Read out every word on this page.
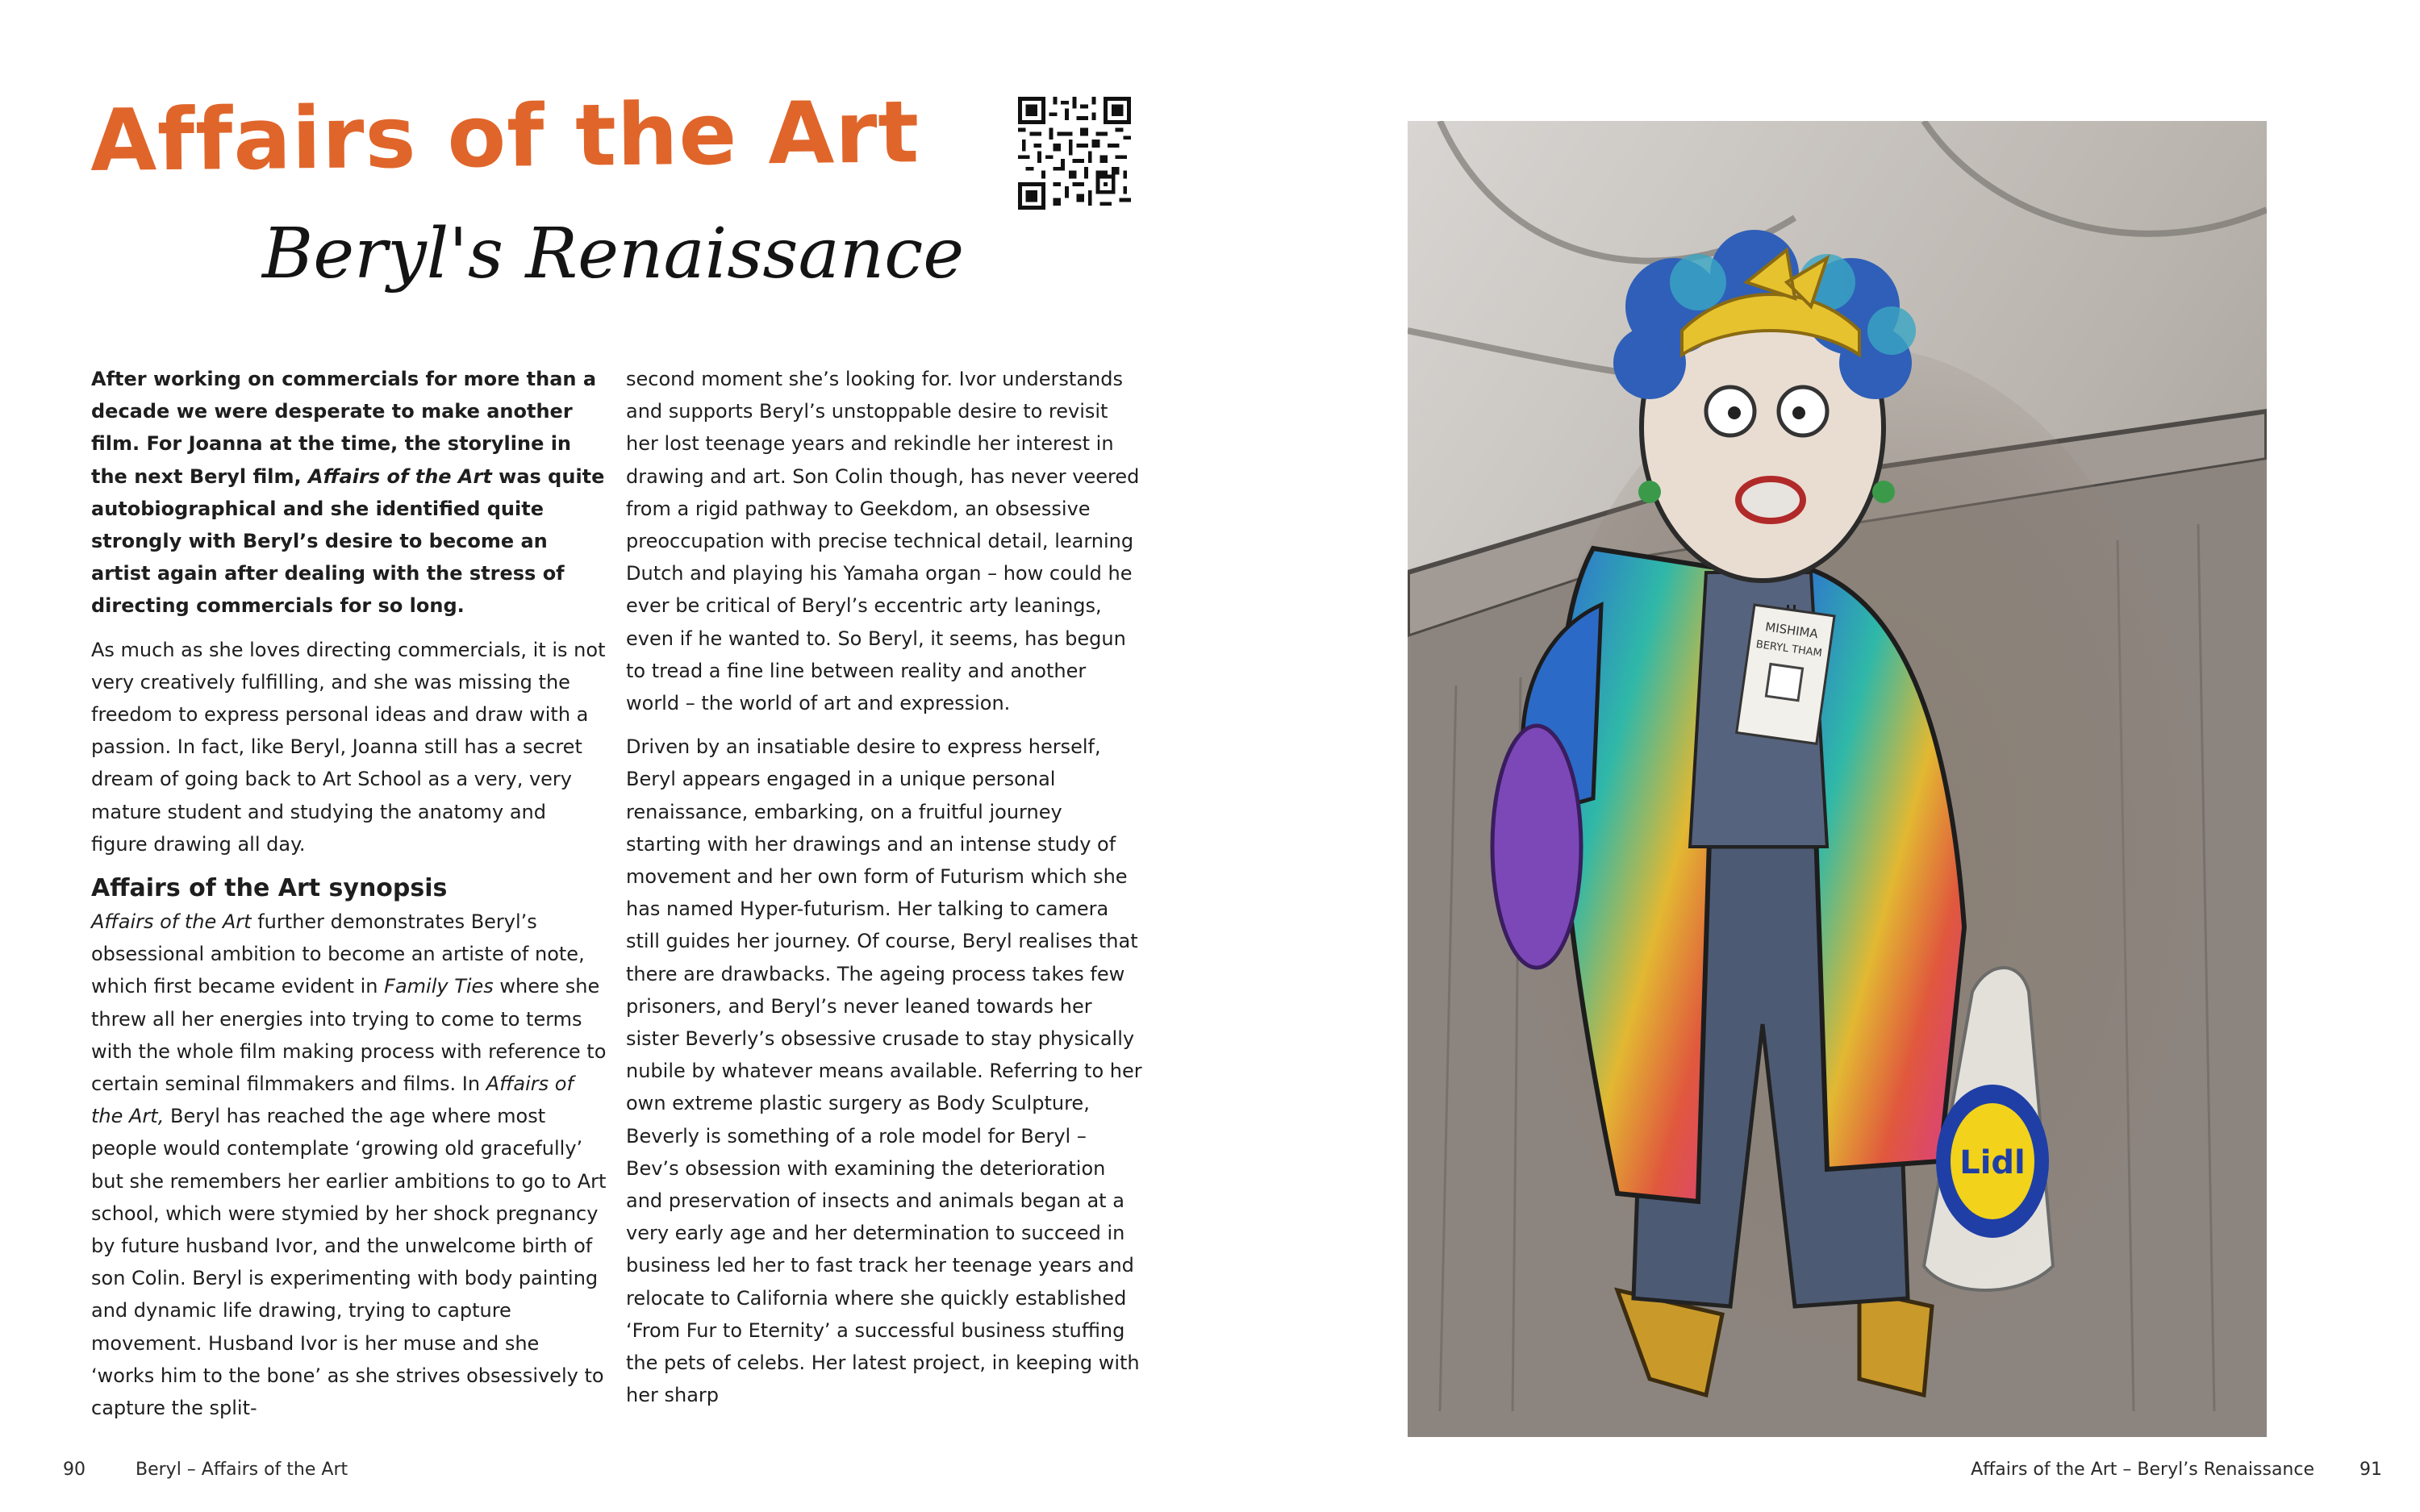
Affairs of the Art
Beryl's Renaissance

After working on commercials for more than a decade we were desperate to make another film. For Joanna at the time, the storyline in the next Beryl film, Affairs of the Art was quite autobiographical and she identified quite strongly with Beryl’s desire to become an artist again after dealing with the stress of directing commercials for so long.

As much as she loves directing commercials, it is not very creatively fulfilling, and she was missing the freedom to express personal ideas and draw with a passion. In fact, like Beryl, Joanna still has a secret dream of going back to Art School as a very, very mature student and studying the anatomy and figure drawing all day.

Affairs of the Art synopsis

Affairs of the Art further demonstrates Beryl’s obsessional ambition to become an artiste of note, which first became evident in Family Ties where she threw all her energies into trying to come to terms with the whole film making process with reference to certain seminal filmmakers and films. In Affairs of the Art, Beryl has reached the age where most people would contemplate ‘growing old gracefully’ but she remembers her earlier ambitions to go to Art school, which were stymied by her shock pregnancy by future husband Ivor, and the unwelcome birth of son Colin. Beryl is experimenting with body painting and dynamic life drawing, trying to capture movement. Husband Ivor is her muse and she ‘works him to the bone’ as she strives obsessively to capture the split-

second moment she’s looking for. Ivor understands and supports Beryl’s unstoppable desire to revisit her lost teenage years and rekindle her interest in drawing and art. Son Colin though, has never veered from a rigid pathway to Geekdom, an obsessive preoccupation with precise technical detail, learning Dutch and playing his Yamaha organ – how could he ever be critical of Beryl’s eccentric arty leanings, even if he wanted to. So Beryl, it seems, has begun to tread a fine line between reality and another world – the world of art and expression.

Driven by an insatiable desire to express herself, Beryl appears engaged in a unique personal renaissance, embarking, on a fruitful journey starting with her drawings and an intense study of movement and her own form of Futurism which she has named Hyper-futurism. Her talking to camera still guides her journey. Of course, Beryl realises that there are drawbacks. The ageing process takes few prisoners, and Beryl’s never leaned towards her sister Beverly’s obsessive crusade to stay physically nubile by whatever means available. Referring to her own extreme plastic surgery as Body Sculpture, Beverly is something of a role model for Beryl – Bev’s obsession with examining the deterioration and preservation of insects and animals began at a very early age and her determination to succeed in business led her to fast track her teenage years and relocate to California where she quickly established ‘From Fur to Eternity’ a successful business stuffing the pets of celebs. Her latest project, in keeping with her sharp

MISHIMA
BERYL THAM
Lidl
90	Beryl – Affairs of the Art	Affairs of the Art – Beryl’s Renaissance	91
